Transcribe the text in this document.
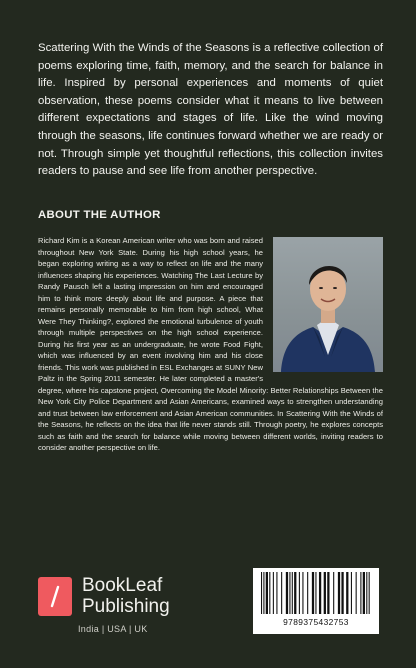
Scattering With the Winds of the Seasons is a reflective collection of poems exploring time, faith, memory, and the search for balance in life. Inspired by personal experiences and moments of quiet observation, these poems consider what it means to live between different expectations and stages of life. Like the wind moving through the seasons, life continues forward whether we are ready or not. Through simple yet thoughtful reflections, this collection invites readers to pause and see life from another perspective.

ABOUT THE AUTHOR

Richard Kim is a Korean American writer who was born and raised throughout New York State. During his high school years, he began exploring writing as a way to reflect on life and the many influences shaping his experiences. Watching The Last Lecture by Randy Pausch left a lasting impression on him and encouraged him to think more deeply about life and purpose. A piece that remains personally memorable to him from high school, What Were They Thinking?, explored the emotional turbulence of youth through multiple perspectives on the high school experience. During his first year as an undergraduate, he wrote Food Fight, which was influenced by an event involving him and his close friends. This work was published in ESL Exchanges at SUNY New Paltz in the Spring 2011 semester. He later completed a master's degree, where his capstone project, Overcoming the Model Minority: Better Relationships Between the New York City Police Department and Asian Americans, examined ways to strengthen understanding and trust between law enforcement and Asian American communities. In Scattering With the Winds of the Seasons, he reflects on the idea that life never stands still. Through poetry, he explores concepts such as faith and the search for balance while moving between different worlds, inviting readers to consider another perspective on life.

BookLeaf
Publishing
India | USA | UK
9789375432753
